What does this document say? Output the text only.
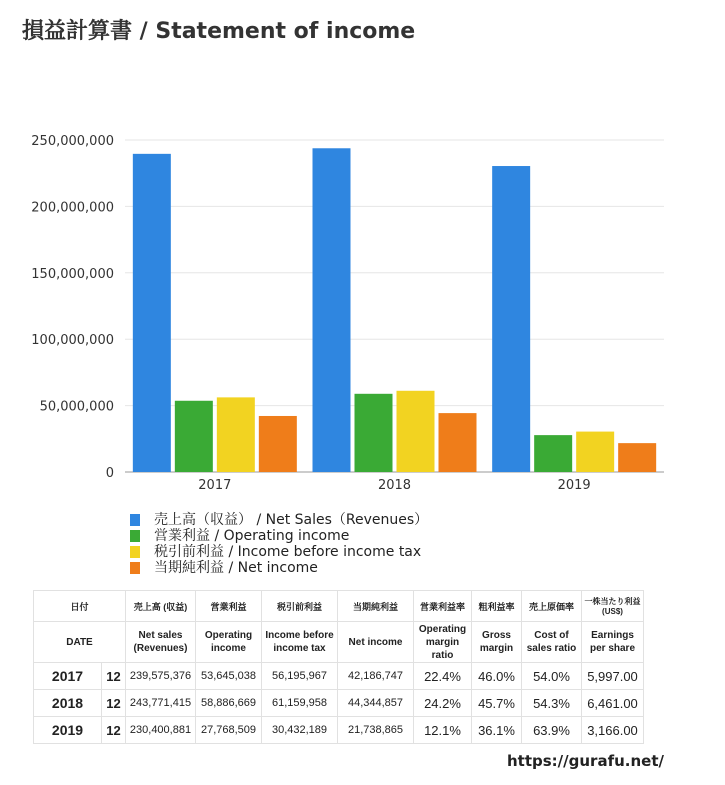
損益計算書 / Statement of income
0
50,000,000
100,000,000
150,000,000
200,000,000
250,000,000
2017	2018	2019
売上高（収益） / Net Sales（Revenues）
営業利益 / Operating income
税引前利益 / Income before income tax
当期純利益 / Net income
日付		売上高 (収益)	営業利益	税引前利益	当期純利益	営業利益率	粗利益率	売上原価率	一株当たり利益 (US$)
DATE		Net sales (Revenues)	Operating income	Income before income tax	Net income	Operating margin ratio	Gross margin	Cost of sales ratio	Earnings per share
2017	12	239,575,376	53,645,038	56,195,967	42,186,747	22.4%	46.0%	54.0%	5,997.00
2018	12	243,771,415	58,886,669	61,159,958	44,344,857	24.2%	45.7%	54.3%	6,461.00
2019	12	230,400,881	27,768,509	30,432,189	21,738,865	12.1%	36.1%	63.9%	3,166.00
https://gurafu.net/
